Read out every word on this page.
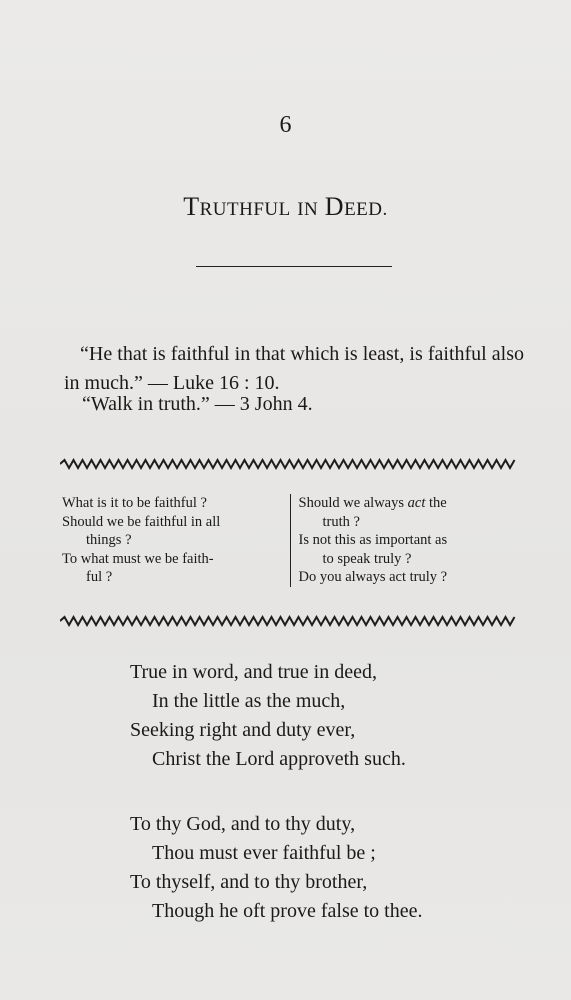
6
TRUTHFUL IN DEED.
“He that is faithful in that which is least, is faithful also in much.” — Luke 16 : 10.
“Walk in truth.” — 3 John 4.
What is it to be faithful ?
Should we be faithful in all
things ?
To what must we be faith-
ful ?
Should we always act the
truth ?
Is not this as important as
to speak truly ?
Do you always act truly ?
True in word, and true in deed,
In the little as the much,
Seeking right and duty ever,
Christ the Lord approveth such.
To thy God, and to thy duty,
Thou must ever faithful be ;
To thyself, and to thy brother,
Though he oft prove false to thee.
